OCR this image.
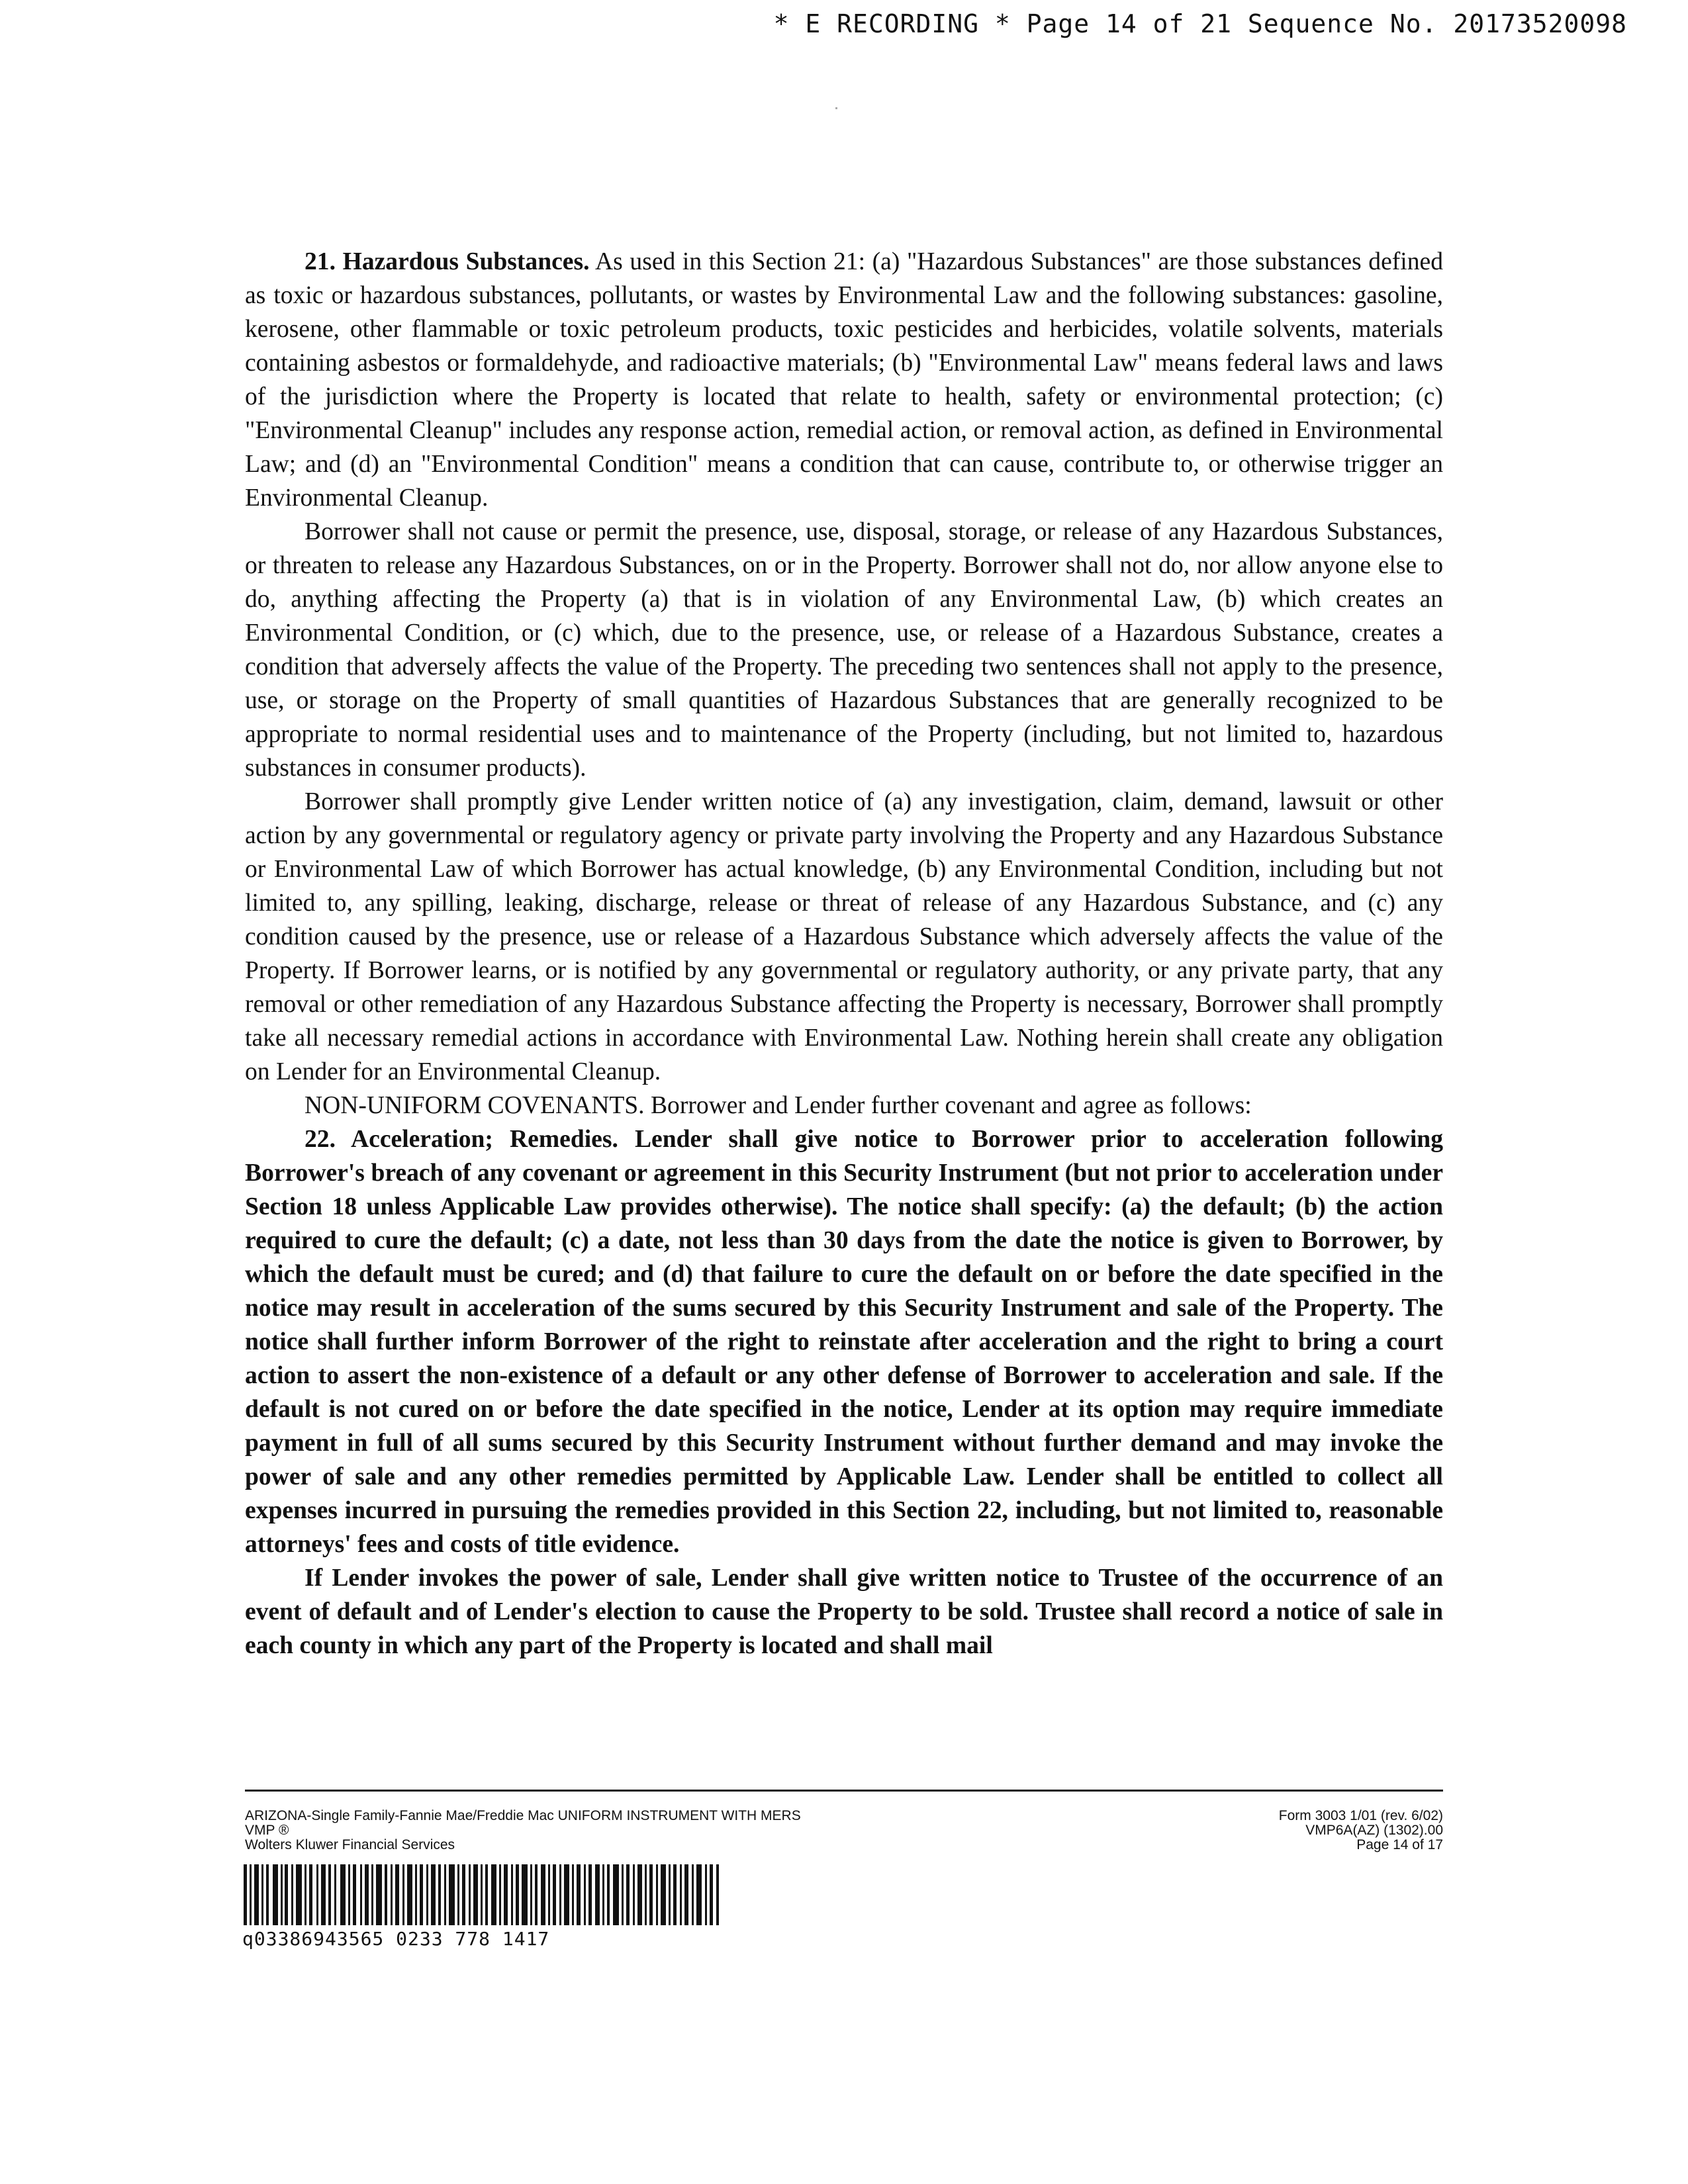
* E RECORDING * Page 14 of 21 Sequence No. 20173520098

21. Hazardous Substances. As used in this Section 21: (a) "Hazardous Substances" are those substances defined as toxic or hazardous substances, pollutants, or wastes by Environmental Law and the following substances: gasoline, kerosene, other flammable or toxic petroleum products, toxic pesticides and herbicides, volatile solvents, materials containing asbestos or formaldehyde, and radioactive materials; (b) "Environmental Law" means federal laws and laws of the jurisdiction where the Property is located that relate to health, safety or environmental protection; (c) "Environmental Cleanup" includes any response action, remedial action, or removal action, as defined in Environmental Law; and (d) an "Environmental Condition" means a condition that can cause, contribute to, or otherwise trigger an Environmental Cleanup.

Borrower shall not cause or permit the presence, use, disposal, storage, or release of any Hazardous Substances, or threaten to release any Hazardous Substances, on or in the Property. Borrower shall not do, nor allow anyone else to do, anything affecting the Property (a) that is in violation of any Environmental Law, (b) which creates an Environmental Condition, or (c) which, due to the presence, use, or release of a Hazardous Substance, creates a condition that adversely affects the value of the Property. The preceding two sentences shall not apply to the presence, use, or storage on the Property of small quantities of Hazardous Substances that are generally recognized to be appropriate to normal residential uses and to maintenance of the Property (including, but not limited to, hazardous substances in consumer products).

Borrower shall promptly give Lender written notice of (a) any investigation, claim, demand, lawsuit or other action by any governmental or regulatory agency or private party involving the Property and any Hazardous Substance or Environmental Law of which Borrower has actual knowledge, (b) any Environmental Condition, including but not limited to, any spilling, leaking, discharge, release or threat of release of any Hazardous Substance, and (c) any condition caused by the presence, use or release of a Hazardous Substance which adversely affects the value of the Property. If Borrower learns, or is notified by any governmental or regulatory authority, or any private party, that any removal or other remediation of any Hazardous Substance affecting the Property is necessary, Borrower shall promptly take all necessary remedial actions in accordance with Environmental Law. Nothing herein shall create any obligation on Lender for an Environmental Cleanup.

NON-UNIFORM COVENANTS. Borrower and Lender further covenant and agree as follows:

22. Acceleration; Remedies. Lender shall give notice to Borrower prior to acceleration following Borrower's breach of any covenant or agreement in this Security Instrument (but not prior to acceleration under Section 18 unless Applicable Law provides otherwise). The notice shall specify: (a) the default; (b) the action required to cure the default; (c) a date, not less than 30 days from the date the notice is given to Borrower, by which the default must be cured; and (d) that failure to cure the default on or before the date specified in the notice may result in acceleration of the sums secured by this Security Instrument and sale of the Property. The notice shall further inform Borrower of the right to reinstate after acceleration and the right to bring a court action to assert the non-existence of a default or any other defense of Borrower to acceleration and sale. If the default is not cured on or before the date specified in the notice, Lender at its option may require immediate payment in full of all sums secured by this Security Instrument without further demand and may invoke the power of sale and any other remedies permitted by Applicable Law. Lender shall be entitled to collect all expenses incurred in pursuing the remedies provided in this Section 22, including, but not limited to, reasonable attorneys' fees and costs of title evidence.

If Lender invokes the power of sale, Lender shall give written notice to Trustee of the occurrence of an event of default and of Lender's election to cause the Property to be sold. Trustee shall record a notice of sale in each county in which any part of the Property is located and shall mail

ARIZONA-Single Family-Fannie Mae/Freddie Mac UNIFORM INSTRUMENT WITH MERS
VMP ®
Wolters Kluwer Financial Services
Form 3003 1/01 (rev. 6/02)
VMP6A(AZ) (1302).00
Page 14 of 17
q03386943565 0233 778 1417
